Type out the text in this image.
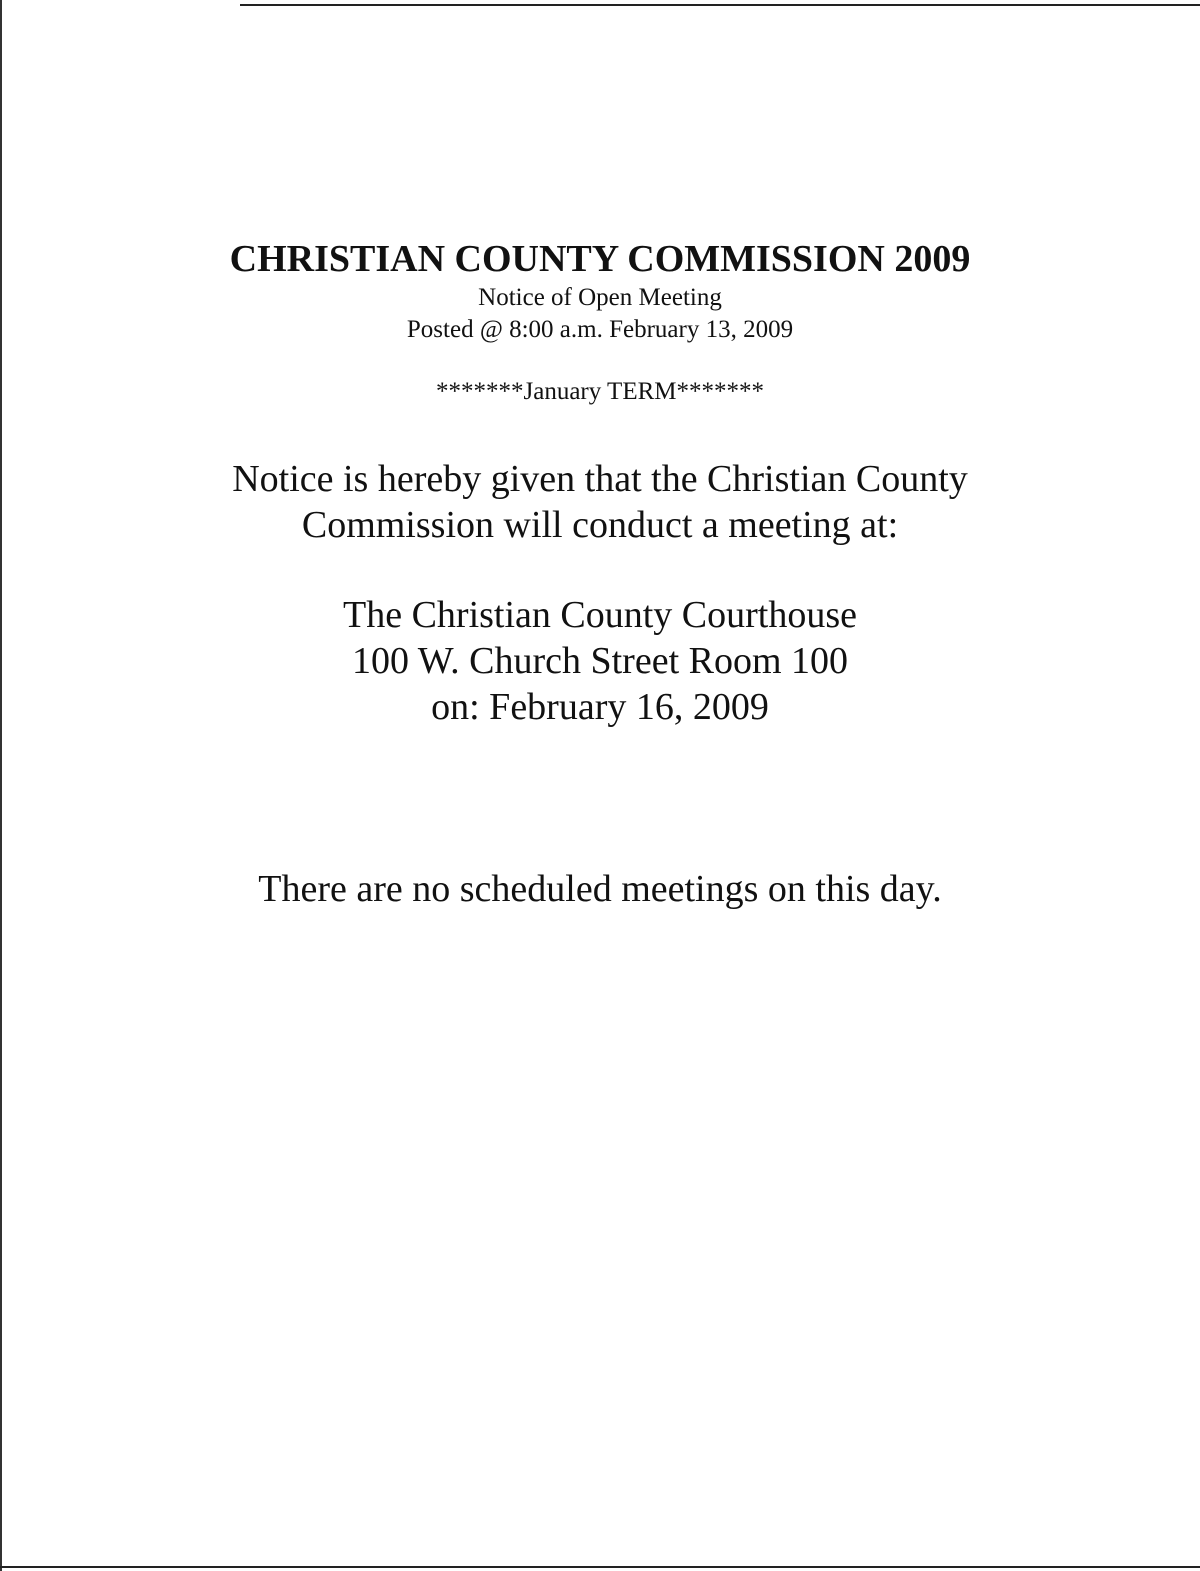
CHRISTIAN COUNTY COMMISSION 2009
Notice of Open Meeting
Posted @ 8:00 a.m. February 13, 2009
*******January TERM*******
Notice is hereby given that the Christian County
Commission will conduct a meeting at:
The Christian County Courthouse
100 W. Church Street Room 100
on: February 16, 2009
There are no scheduled meetings on this day.
